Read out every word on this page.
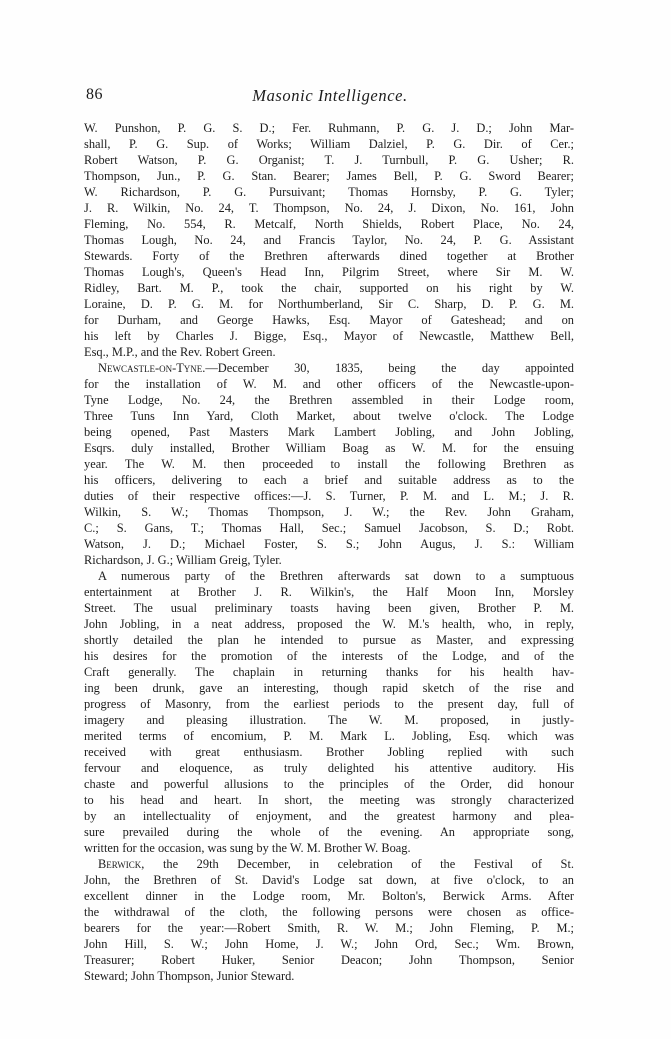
86	Masonic Intelligence.
W. Punshon, P. G. S. D.; Fer. Ruhmann, P. G. J. D.; John Mar-
shall, P. G. Sup. of Works; William Dalziel, P. G. Dir. of Cer.;
Robert Watson, P. G. Organist; T. J. Turnbull, P. G. Usher; R.
Thompson, Jun., P. G. Stan. Bearer; James Bell, P. G. Sword Bearer;
W. Richardson, P. G. Pursuivant; Thomas Hornsby, P. G. Tyler;
J. R. Wilkin, No. 24, T. Thompson, No. 24, J. Dixon, No. 161, John
Fleming, No. 554, R. Metcalf, North Shields, Robert Place, No. 24,
Thomas Lough, No. 24, and Francis Taylor, No. 24, P. G. Assistant
Stewards. Forty of the Brethren afterwards dined together at Brother
Thomas Lough's, Queen's Head Inn, Pilgrim Street, where Sir M. W.
Ridley, Bart. M. P., took the chair, supported on his right by W.
Loraine, D. P. G. M. for Northumberland, Sir C. Sharp, D. P. G. M.
for Durham, and George Hawks, Esq. Mayor of Gateshead; and on
his left by Charles J. Bigge, Esq., Mayor of Newcastle, Matthew Bell,
Esq., M.P., and the Rev. Robert Green.
Newcastle-on-Tyne.—December 30, 1835, being the day appointed
for the installation of W. M. and other officers of the Newcastle-upon-
Tyne Lodge, No. 24, the Brethren assembled in their Lodge room,
Three Tuns Inn Yard, Cloth Market, about twelve o'clock. The Lodge
being opened, Past Masters Mark Lambert Jobling, and John Jobling,
Esqrs. duly installed, Brother William Boag as W. M. for the ensuing
year. The W. M. then proceeded to install the following Brethren as
his officers, delivering to each a brief and suitable address as to the
duties of their respective offices:—J. S. Turner, P. M. and L. M.; J. R.
Wilkin, S. W.; Thomas Thompson, J. W.; the Rev. John Graham,
C.; S. Gans, T.; Thomas Hall, Sec.; Samuel Jacobson, S. D.; Robt.
Watson, J. D.; Michael Foster, S. S.; John Augus, J. S.: William
Richardson, J. G.; William Greig, Tyler.
A numerous party of the Brethren afterwards sat down to a sumptuous
entertainment at Brother J. R. Wilkin's, the Half Moon Inn, Morsley
Street. The usual preliminary toasts having been given, Brother P. M.
John Jobling, in a neat address, proposed the W. M.'s health, who, in reply,
shortly detailed the plan he intended to pursue as Master, and expressing
his desires for the promotion of the interests of the Lodge, and of the
Craft generally. The chaplain in returning thanks for his health hav-
ing been drunk, gave an interesting, though rapid sketch of the rise and
progress of Masonry, from the earliest periods to the present day, full of
imagery and pleasing illustration. The W. M. proposed, in justly-
merited terms of encomium, P. M. Mark L. Jobling, Esq. which was
received with great enthusiasm. Brother Jobling replied with such
fervour and eloquence, as truly delighted his attentive auditory. His
chaste and powerful allusions to the principles of the Order, did honour
to his head and heart. In short, the meeting was strongly characterized
by an intellectuality of enjoyment, and the greatest harmony and plea-
sure prevailed during the whole of the evening. An appropriate song,
written for the occasion, was sung by the W. M. Brother W. Boag.
Berwick, the 29th December, in celebration of the Festival of St.
John, the Brethren of St. David's Lodge sat down, at five o'clock, to an
excellent dinner in the Lodge room, Mr. Bolton's, Berwick Arms. After
the withdrawal of the cloth, the following persons were chosen as office-
bearers for the year:—Robert Smith, R. W. M.; John Fleming, P. M.;
John Hill, S. W.; John Home, J. W.; John Ord, Sec.; Wm. Brown,
Treasurer; Robert Huker, Senior Deacon; John Thompson, Senior
Steward; John Thompson, Junior Steward.
